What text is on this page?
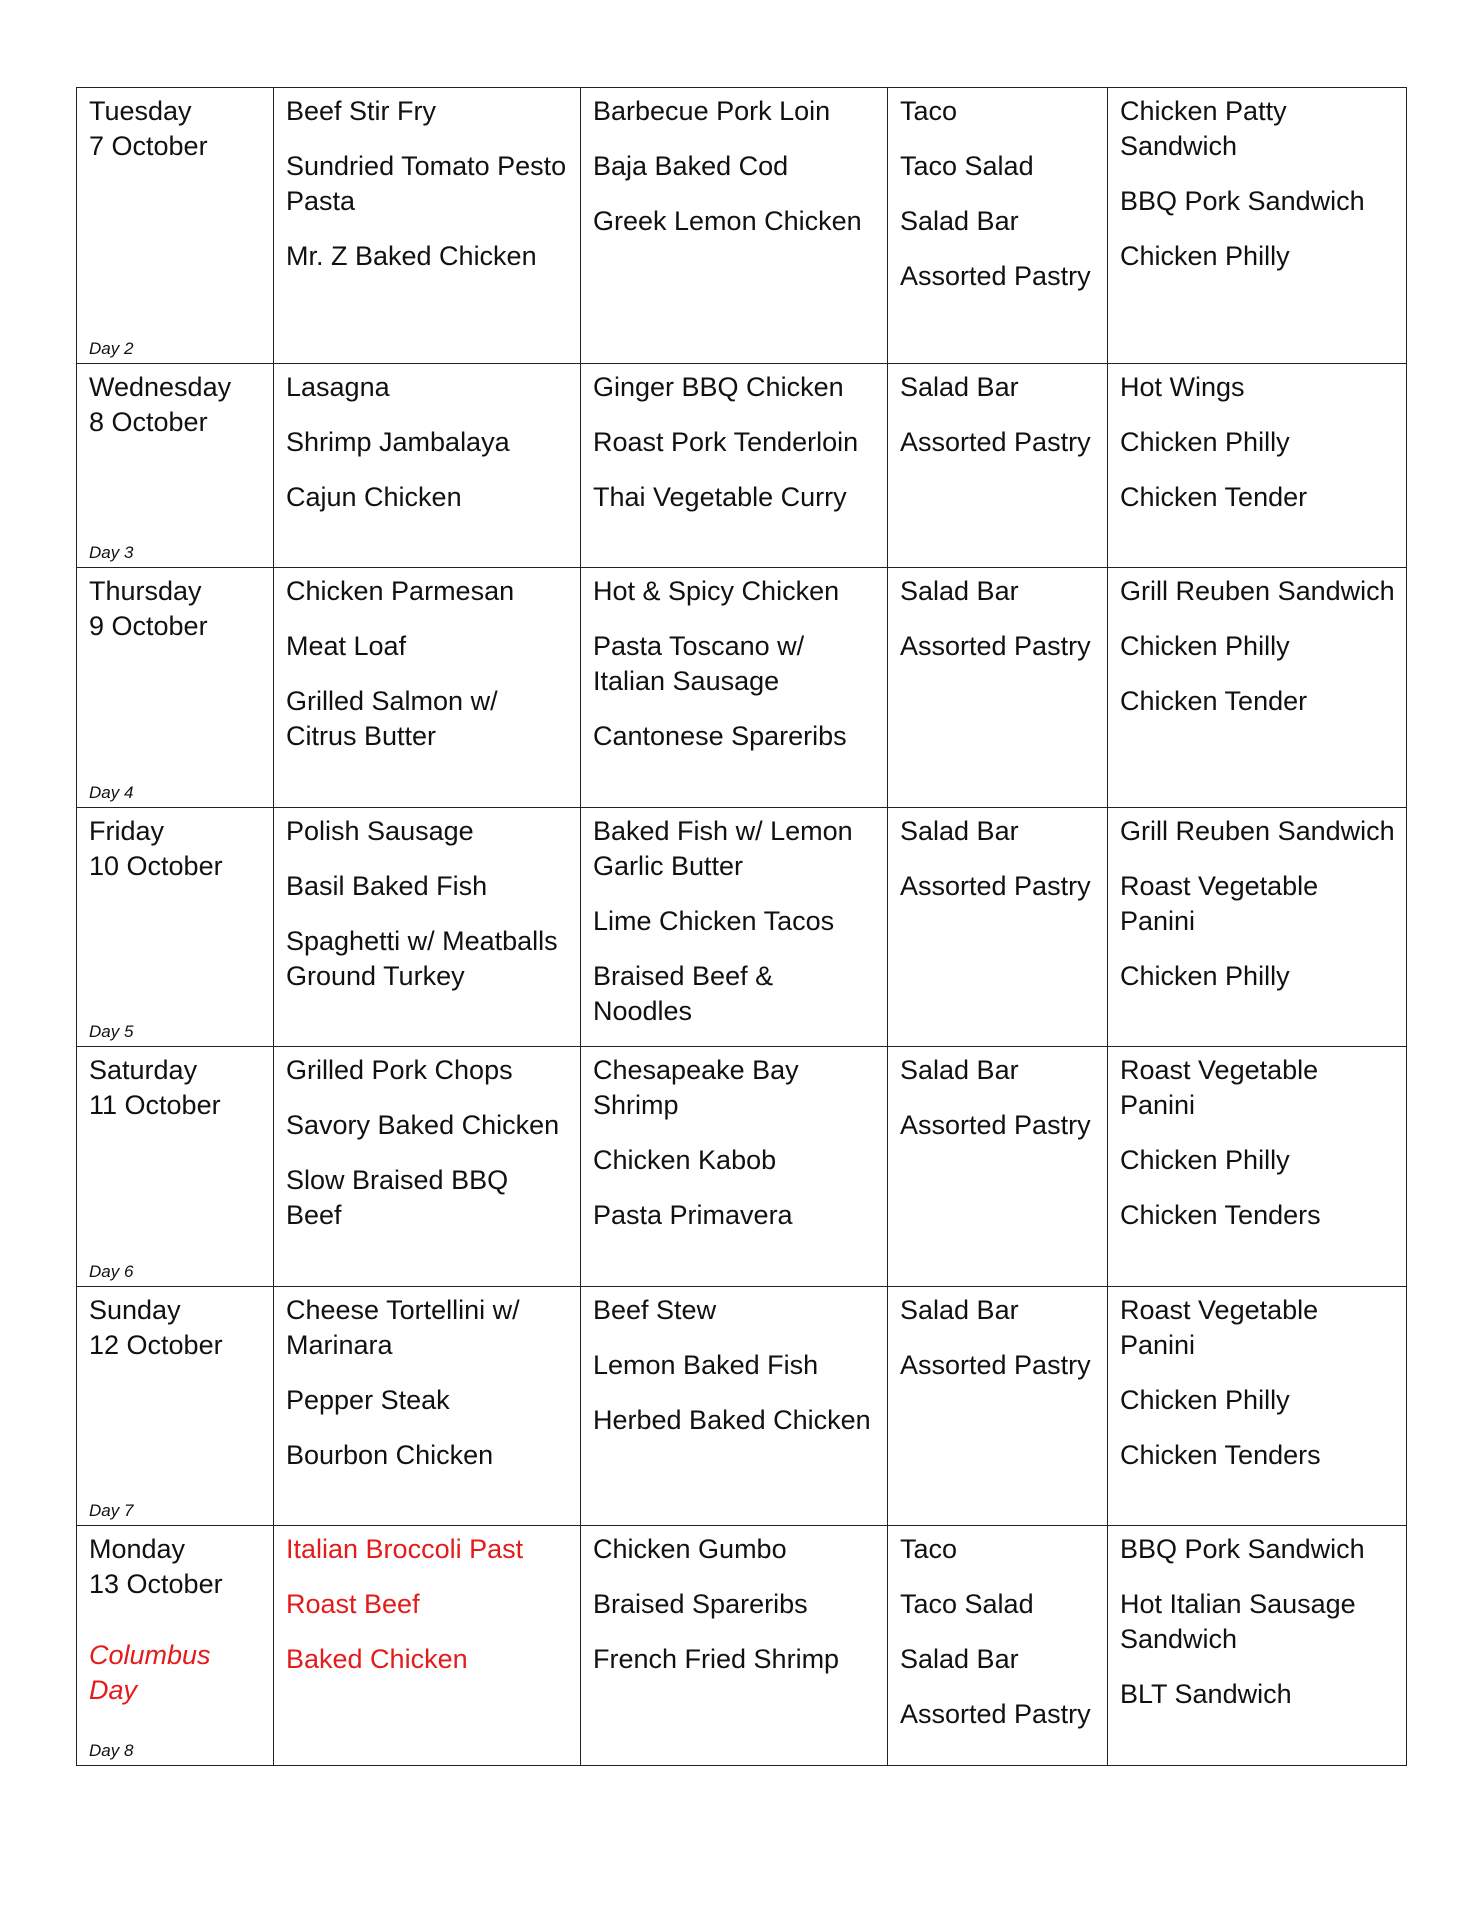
Tuesday
7 October
Day 2	Beef Stir Fry
Sundried Tomato Pesto Pasta
Mr. Z Baked Chicken	Barbecue Pork Loin
Baja Baked Cod
Greek Lemon Chicken	Taco
Taco Salad
Salad Bar
Assorted Pastry	Chicken Patty Sandwich
BBQ Pork Sandwich
Chicken Philly

Wednesday
8 October
Day 3	Lasagna
Shrimp Jambalaya
Cajun Chicken	Ginger BBQ Chicken
Roast Pork Tenderloin
Thai Vegetable Curry	Salad Bar
Assorted Pastry	Hot Wings
Chicken Philly
Chicken Tender

Thursday
9 October
Day 4	Chicken Parmesan
Meat Loaf
Grilled Salmon w/ Citrus Butter	Hot & Spicy Chicken
Pasta Toscano w/ Italian Sausage
Cantonese Spareribs	Salad Bar
Assorted Pastry	Grill Reuben Sandwich
Chicken Philly
Chicken Tender

Friday
10 October
Day 5	Polish Sausage
Basil Baked Fish
Spaghetti w/ Meatballs Ground Turkey	Baked Fish w/ Lemon Garlic Butter
Lime Chicken Tacos
Braised Beef & Noodles	Salad Bar
Assorted Pastry	Grill Reuben Sandwich
Roast Vegetable Panini
Chicken Philly

Saturday
11 October
Day 6	Grilled Pork Chops
Savory Baked Chicken
Slow Braised BBQ Beef	Chesapeake Bay Shrimp
Chicken Kabob
Pasta Primavera	Salad Bar
Assorted Pastry	Roast Vegetable Panini
Chicken Philly
Chicken Tenders

Sunday
12 October
Day 7	Cheese Tortellini w/ Marinara
Pepper Steak
Bourbon Chicken	Beef Stew
Lemon Baked Fish
Herbed Baked Chicken	Salad Bar
Assorted Pastry	Roast Vegetable Panini
Chicken Philly
Chicken Tenders

Monday
13 October
Columbus Day
Day 8	Italian Broccoli Past
Roast Beef
Baked Chicken	Chicken Gumbo
Braised Spareribs
French Fried Shrimp	Taco
Taco Salad
Salad Bar
Assorted Pastry	BBQ Pork Sandwich
Hot Italian Sausage Sandwich
BLT Sandwich
